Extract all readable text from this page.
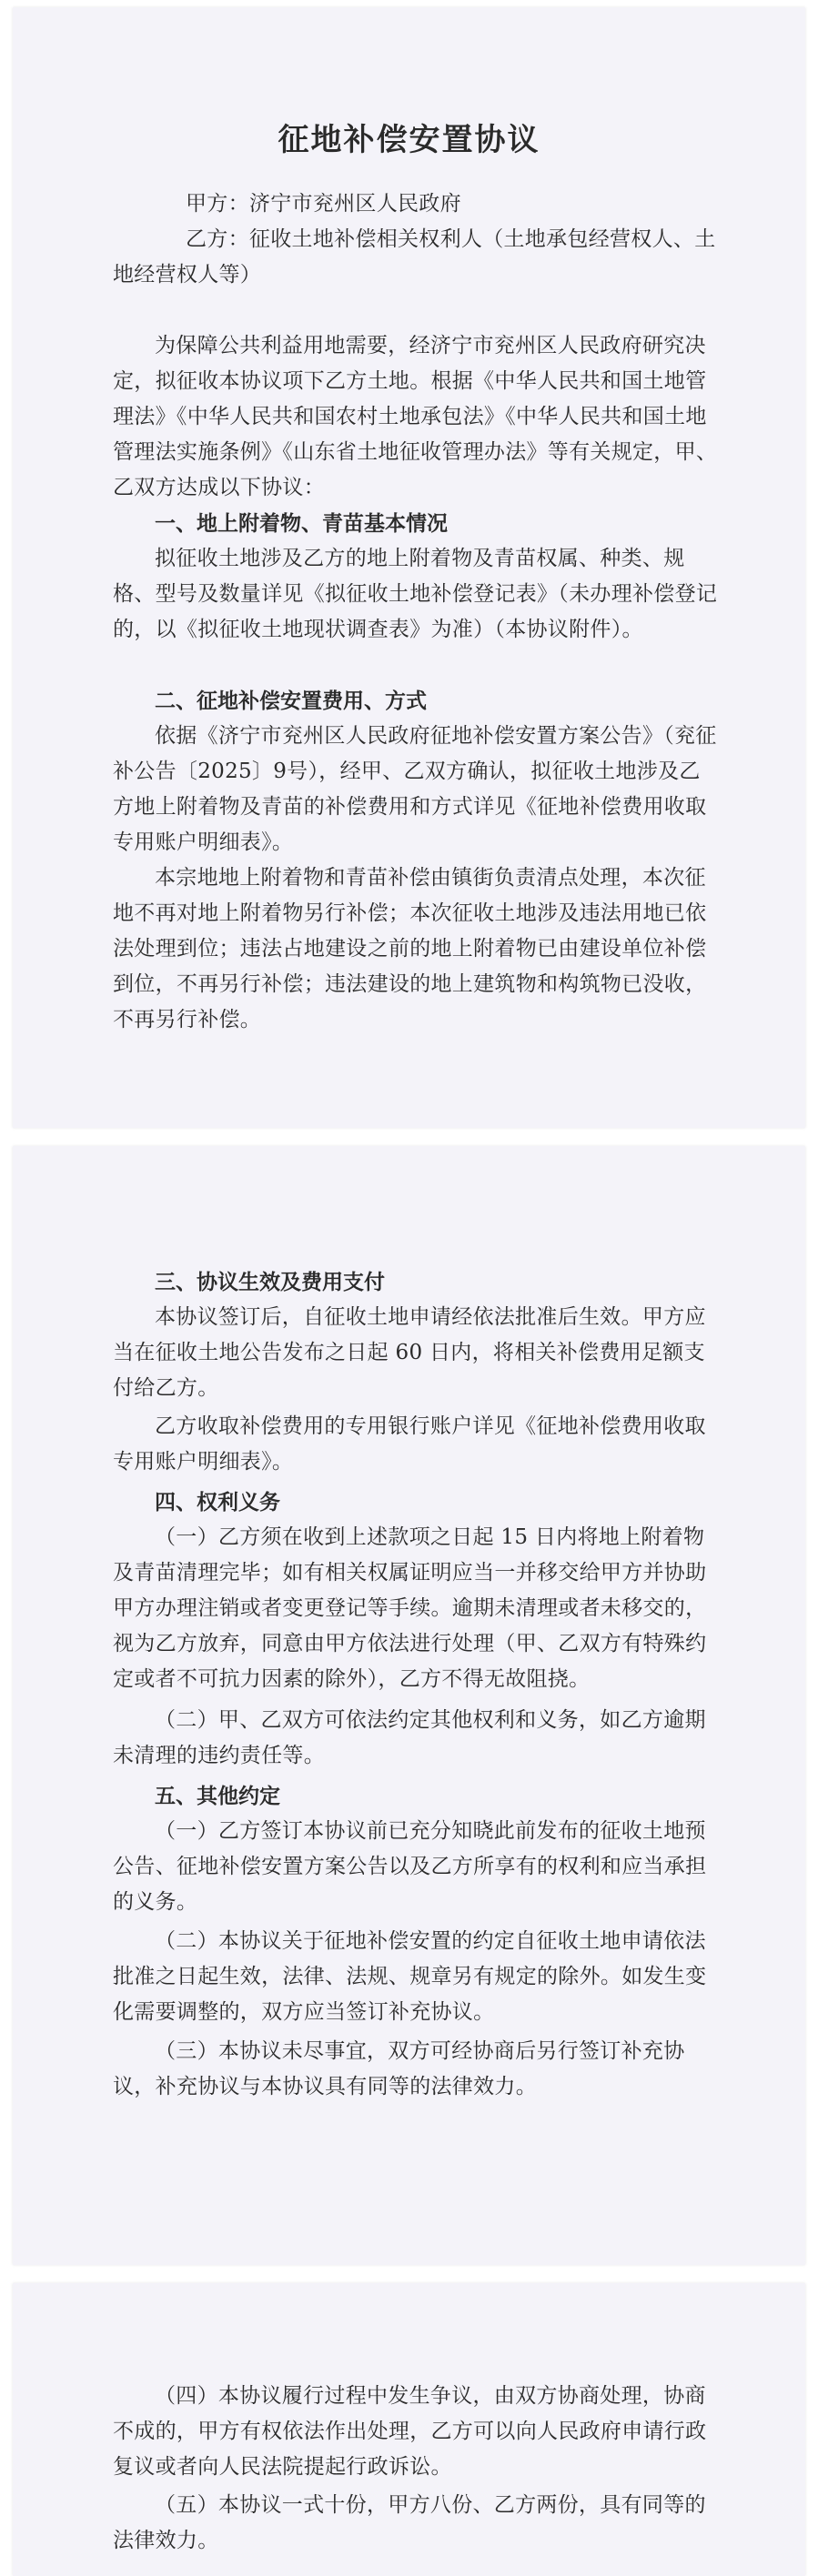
征地补偿安置协议

甲方：济宁市兖州区人民政府

乙方：征收土地补偿相关权利人（土地承包经营权人、土地经营权人等）

为保障公共利益用地需要，经济宁市兖州区人民政府研究决定，拟征收本协议项下乙方土地。根据《中华人民共和国土地管理法》《中华人民共和国农村土地承包法》《中华人民共和国土地管理法实施条例》《山东省土地征收管理办法》等有关规定，甲、乙双方达成以下协议：

一、地上附着物、青苗基本情况

拟征收土地涉及乙方的地上附着物及青苗权属、种类、规格、型号及数量详见《拟征收土地补偿登记表》（未办理补偿登记的，以《拟征收土地现状调查表》为准）（本协议附件）。

二、征地补偿安置费用、方式

依据《济宁市兖州区人民政府征地补偿安置方案公告》（兖征补公告〔2025〕9号），经甲、乙双方确认，拟征收土地涉及乙方地上附着物及青苗的补偿费用和方式详见《征地补偿费用收取专用账户明细表》。

本宗地地上附着物和青苗补偿由镇街负责清点处理，本次征地不再对地上附着物另行补偿；本次征收土地涉及违法用地已依法处理到位；违法占地建设之前的地上附着物已由建设单位补偿到位，不再另行补偿；违法建设的地上建筑物和构筑物已没收，不再另行补偿。

三、协议生效及费用支付

本协议签订后，自征收土地申请经依法批准后生效。甲方应当在征收土地公告发布之日起 60 日内，将相关补偿费用足额支付给乙方。

乙方收取补偿费用的专用银行账户详见《征地补偿费用收取专用账户明细表》。

四、权利义务

（一）乙方须在收到上述款项之日起 15 日内将地上附着物及青苗清理完毕；如有相关权属证明应当一并移交给甲方并协助甲方办理注销或者变更登记等手续。逾期未清理或者未移交的，视为乙方放弃，同意由甲方依法进行处理（甲、乙双方有特殊约定或者不可抗力因素的除外），乙方不得无故阻挠。

（二）甲、乙双方可依法约定其他权利和义务，如乙方逾期未清理的违约责任等。

五、其他约定

（一）乙方签订本协议前已充分知晓此前发布的征收土地预公告、征地补偿安置方案公告以及乙方所享有的权利和应当承担的义务。

（二）本协议关于征地补偿安置的约定自征收土地申请依法批准之日起生效，法律、法规、规章另有规定的除外。如发生变化需要调整的，双方应当签订补充协议。

（三）本协议未尽事宜，双方可经协商后另行签订补充协议，补充协议与本协议具有同等的法律效力。

（四）本协议履行过程中发生争议，由双方协商处理，协商不成的，甲方有权依法作出处理，乙方可以向人民政府申请行政复议或者向人民法院提起行政诉讼。

（五）本协议一式十份，甲方八份、乙方两份，具有同等的法律效力。
